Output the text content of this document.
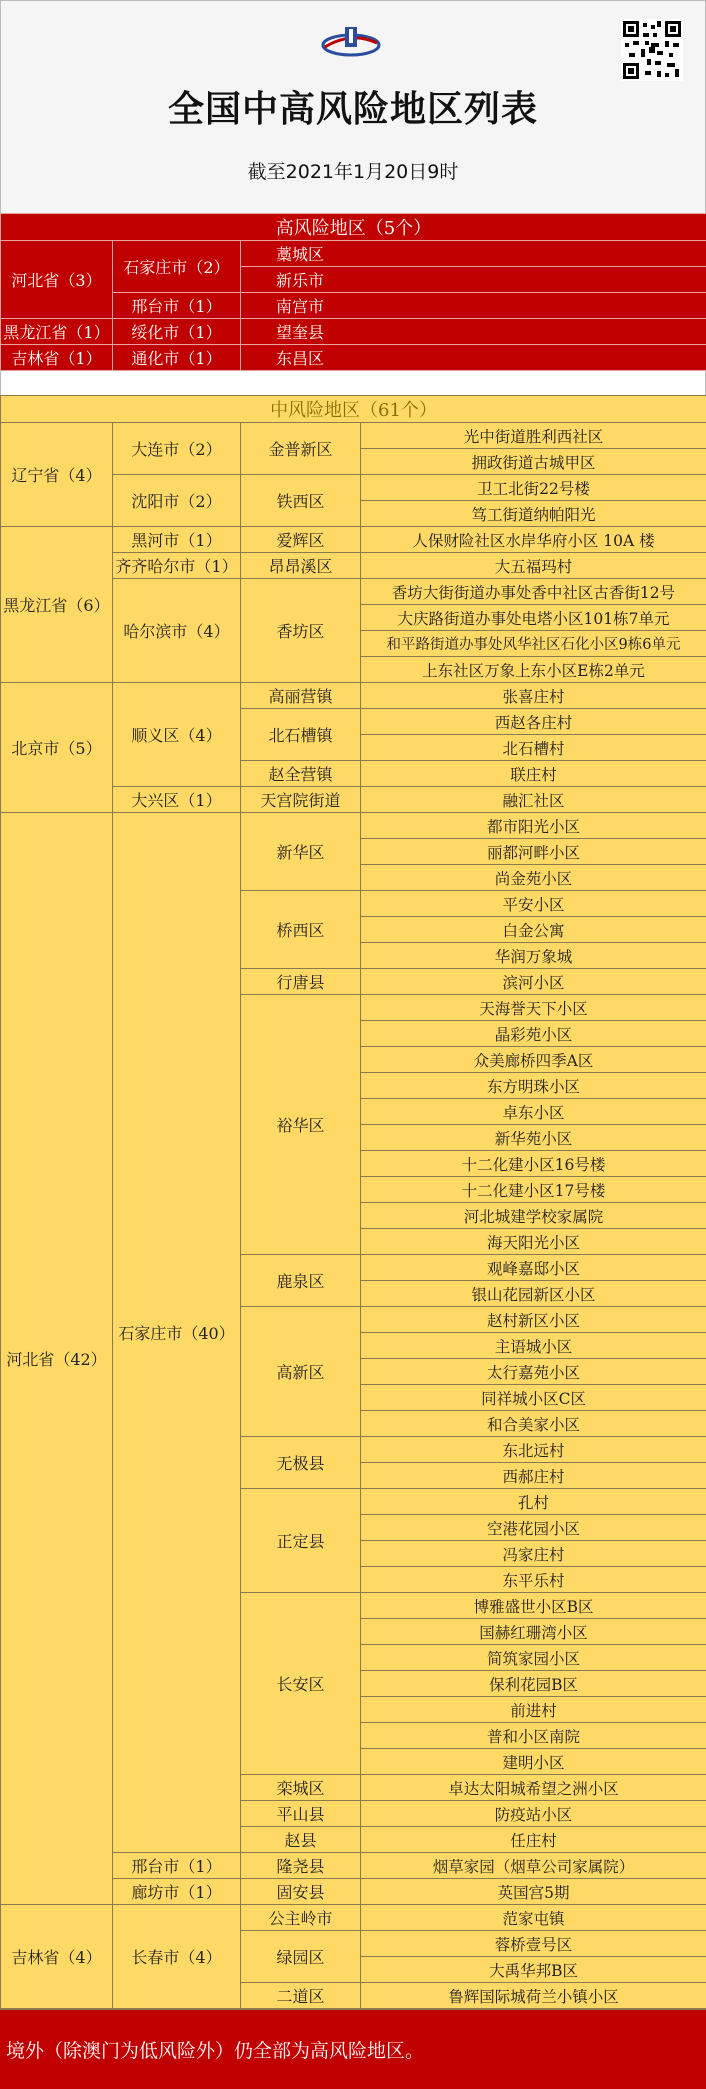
全国中高风险地区列表
截至2021年1月20日9时
高风险地区（5个）		
河北省（3）	石家庄市（2）	藁城区
		新乐市
	邢台市（1）	南宫市
黑龙江省（1）	绥化市（1）	望奎县
吉林省（1）	通化市（1）	东昌区
中风险地区（61个）			
辽宁省（4）	大连市（2）	金普新区	光中街道胜利西社区
			拥政街道古城甲区
	沈阳市（2）	铁西区	卫工北街22号楼
			笃工街道纳帕阳光
黑龙江省（6）	黑河市（1）	爱辉区	人保财险社区水岸华府小区 10A 楼
	齐齐哈尔市（1）	昂昂溪区	大五福玛村
	哈尔滨市（4）	香坊区	香坊大街街道办事处香中社区古香街12号
			大庆路街道办事处电塔小区101栋7单元
			和平路街道办事处风华社区石化小区9栋6单元
			上东社区万象上东小区E栋2单元
北京市（5）	顺义区（4）	高丽营镇	张喜庄村
		北石槽镇	西赵各庄村
			北石槽村
		赵全营镇	联庄村
	大兴区（1）	天宫院街道	融汇社区
河北省（42）	石家庄市（40）	新华区	都市阳光小区
			丽都河畔小区
			尚金苑小区
		桥西区	平安小区
			白金公寓
			华润万象城
		行唐县	滨河小区
		裕华区	天海誉天下小区
			晶彩苑小区
			众美廊桥四季A区
			东方明珠小区
			卓东小区
			新华苑小区
			十二化建小区16号楼
			十二化建小区17号楼
			河北城建学校家属院
			海天阳光小区
		鹿泉区	观峰嘉邸小区
			银山花园新区小区
		高新区	赵村新区小区
			主语城小区
			太行嘉苑小区
			同祥城小区C区
			和合美家小区
		无极县	东北远村
			西郝庄村
		正定县	孔村
			空港花园小区
			冯家庄村
			东平乐村
		长安区	博雅盛世小区B区
			国赫红珊湾小区
			简筑家园小区
			保利花园B区
			前进村
			普和小区南院
			建明小区
		栾城区	卓达太阳城希望之洲小区
		平山县	防疫站小区
		赵县	任庄村
	邢台市（1）	隆尧县	烟草家园（烟草公司家属院）
	廊坊市（1）	固安县	英国宫5期
吉林省（4）	长春市（4）	公主岭市	范家屯镇
		绿园区	蓉桥壹号区
			大禹华邦B区
		二道区	鲁辉国际城荷兰小镇小区
境外（除澳门为低风险外）仍全部为高风险地区。
